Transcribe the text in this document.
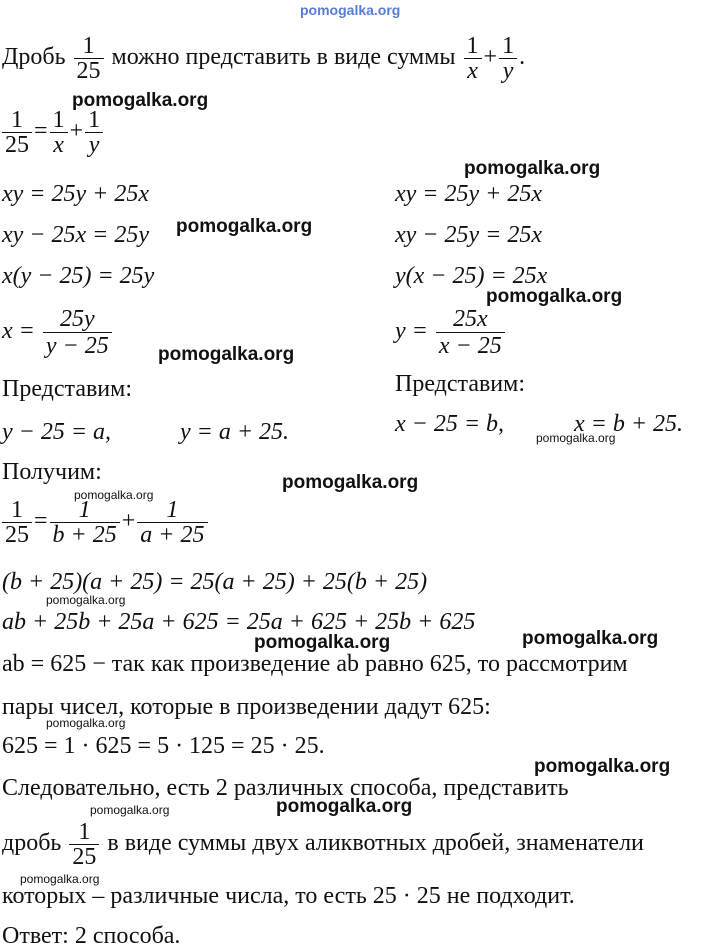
pomogalka.org
Дробь $\frac{1}{25}$ можно представить в виде суммы $\frac{1}{x} + \frac{1}{y}$ .
pomogalka.org
$\frac{1}{25} = \frac{1}{x} + \frac{1}{y}$
pomogalka.org
xy = 25y + 25x
xy − 25x = 25y pomogalka.org
x(y − 25) = 25y
$x = \frac{25y}{y - 25}$ pomogalka.org
Представим:
y − 25 = a,	y = a + 25.
xy = 25y + 25x
xy − 25y = 25x
y(x − 25) = 25x
pomogalka.org
$y = \frac{25x}{x - 25}$
Представим:
x − 25 = b,	x = b + 25.
pomogalka.org
Получим:	pomogalka.org
pomogalka.org
$\frac{1}{25} = \frac{1}{b + 25} + \frac{1}{a + 25}$
(b + 25)(a + 25) = 25(a + 25) + 25(b + 25)
pomogalka.org
ab + 25b + 25a + 625 = 25a + 625 + 25b + 625
pomogalka.org	pomogalka.org
ab = 625 − так как произведение ab равно 625, то рассмотрим
пары чисел, которые в произведении дадут 625:
pomogalka.org
625 = 1 · 625 = 5 · 125 = 25 · 25.
pomogalka.org
Следовательно, есть 2 различных способа, представить
pomogalka.org
pomogalka.org
дробь $\frac{1}{25}$ в виде суммы двух аликвотных дробей, знаменатели
pomogalka.org
которых – различные числа, то есть 25 · 25 не подходит.
Ответ: 2 способа.
